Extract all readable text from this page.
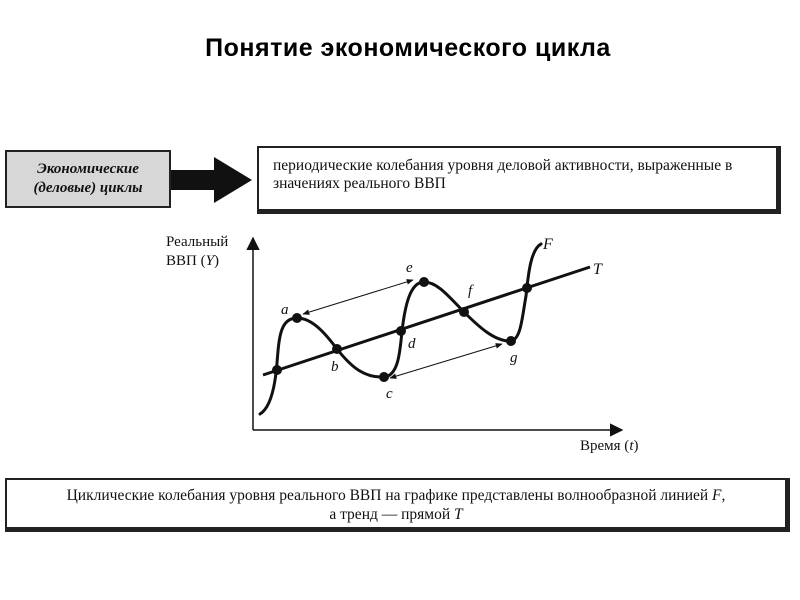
Понятие экономического цикла
Экономические
(деловые) циклы
периодические колебания уровня деловой активности, выраженные в значениях реального ВВП
Реальный
ВВП (Y)
Время (t)
a
b
c
d
e
f
g
F
T
Циклические колебания уровня реального ВВП на графике представлены волнообразной линией F,
а тренд — прямой T
